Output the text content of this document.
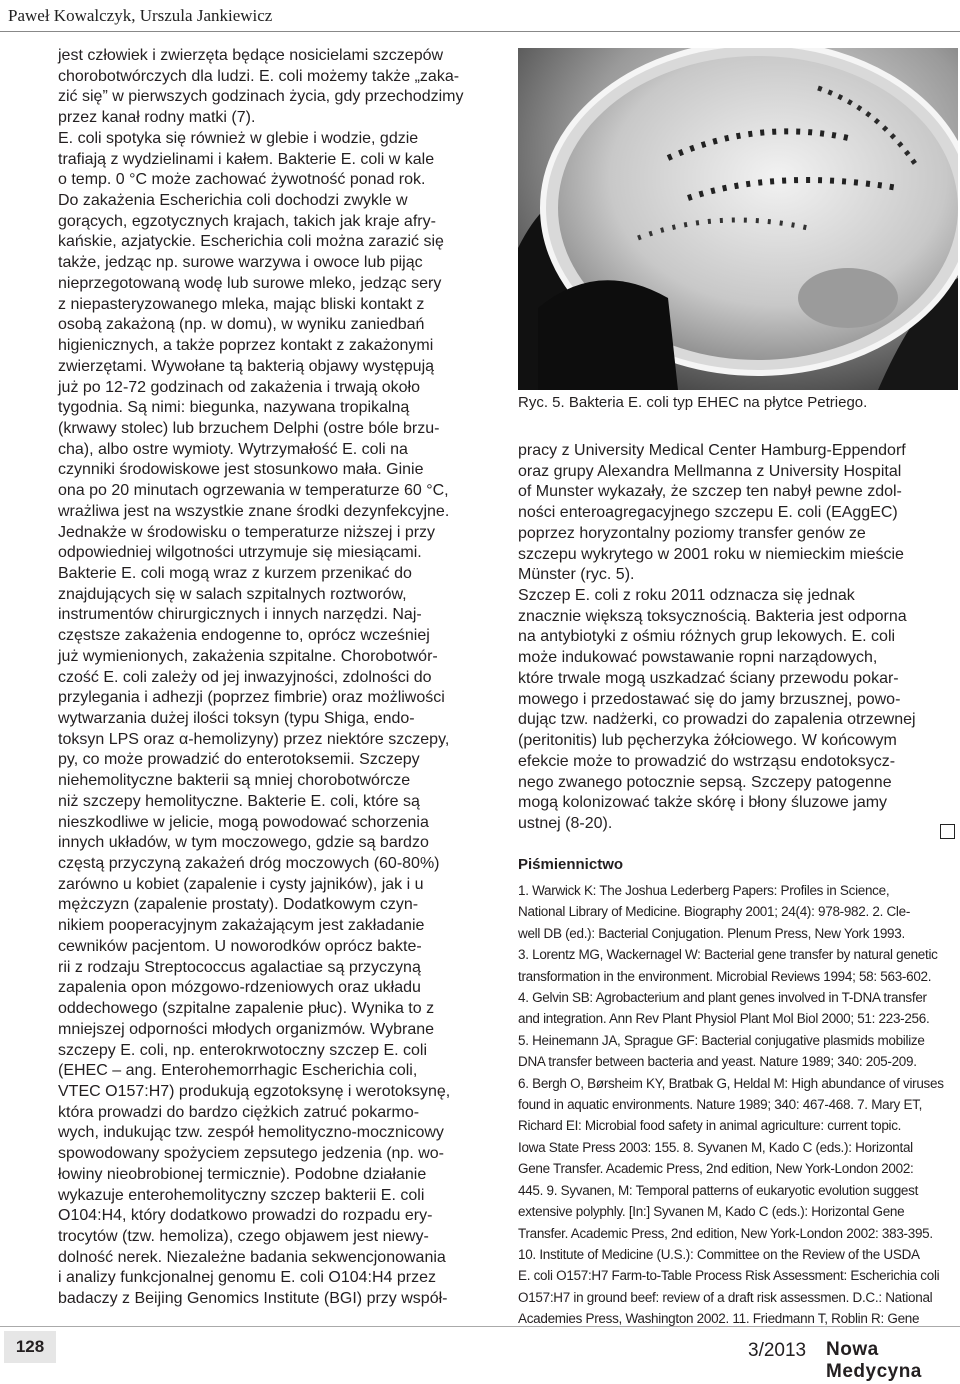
Paweł Kowalczyk, Urszula Jankiewicz

jest człowiek i zwierzęta będące nosicielami szczepów
chorobotwórczych dla ludzi. E. coli możemy także „zaka-
zić się” w pierwszych godzinach życia, gdy przechodzimy
przez kanał rodny matki (7).
E. coli spotyka się również w glebie i wodzie, gdzie
trafiają z wydzielinami i kałem. Bakterie E. coli w kale
o temp. 0 °C może zachować żywotność ponad rok.
Do zakażenia Escherichia coli dochodzi zwykle w
gorących, egzotycznych krajach, takich jak kraje afry-
kańskie, azjatyckie. Escherichia coli można zarazić się
także, jedząc np. surowe warzywa i owoce lub pijąc
nieprzegotowaną wodę lub surowe mleko, jedząc sery
z niepasteryzowanego mleka, mając bliski kontakt z
osobą zakażoną (np. w domu), w wyniku zaniedbań
higienicznych, a także poprzez kontakt z zakażonymi
zwierzętami. Wywołane tą bakterią objawy występują
już po 12-72 godzinach od zakażenia i trwają około
tygodnia. Są nimi: biegunka, nazywana tropikalną
(krwawy stolec) lub brzuchem Delphi (ostre bóle brzu-
cha), albo ostre wymioty. Wytrzymałość E. coli na
czynniki środowiskowe jest stosunkowo mała. Ginie
ona po 20 minutach ogrzewania w temperaturze 60 °C,
wrażliwa jest na wszystkie znane środki dezynfekcyjne.
Jednakże w środowisku o temperaturze niższej i przy
odpowiedniej wilgotności utrzymuje się miesiącami.
Bakterie E. coli mogą wraz z kurzem przenikać do
znajdujących się w salach szpitalnych roztworów,
instrumentów chirurgicznych i innych narzędzi. Naj-
częstsze zakażenia endogenne to, oprócz wcześniej
już wymienionych, zakażenia szpitalne. Chorobotwór-
czość E. coli zależy od jej inwazyjności, zdolności do
przylegania i adhezji (poprzez fimbrie) oraz możliwości
wytwarzania dużej ilości toksyn (typu Shiga, endo-
toksyn LPS oraz α-hemolizyny) przez niektóre szczepy,
py, co może prowadzić do enterotoksemii. Szczepy
niehemolityczne bakterii są mniej chorobotwórcze
niż szczepy hemolityczne. Bakterie E. coli, które są
nieszkodliwe w jelicie, mogą powodować schorzenia
innych układów, w tym moczowego, gdzie są bardzo
częstą przyczyną zakażeń dróg moczowych (60-80%)
zarówno u kobiet (zapalenie i cysty jajników), jak i u
mężczyzn (zapalenie prostaty). Dodatkowym czyn-
nikiem pooperacyjnym zakażającym jest zakładanie
cewników pacjentom. U noworodków oprócz bakte-
rii z rodzaju Streptococcus agalactiae są przyczyną
zapalenia opon mózgowo-rdzeniowych oraz układu
oddechowego (szpitalne zapalenie płuc). Wynika to z
mniejszej odporności młodych organizmów. Wybrane
szczepy E. coli, np. enterokrwotoczny szczep E. coli
(EHEC – ang. Enterohemorrhagic Escherichia coli,
VTEC O157:H7) produkują egzotoksynę i werotoksynę,
która prowadzi do bardzo ciężkich zatruć pokarmo-
wych, indukując tzw. zespół hemolityczno-mocznicowy
spowodowany spożyciem zepsutego jedzenia (np. wo-
łowiny nieobrobionej termicznie). Podobne działanie
wykazuje enterohemolityczny szczep bakterii E. coli
O104:H4, który dodatkowo prowadzi do rozpadu ery-
trocytów (tzw. hemoliza), czego objawem jest niewy-
dolność nerek. Niezależne badania sekwencjonowania
i analizy funkcjonalnej genomu E. coli O104:H4 przez
badaczy z Beijing Genomics Institute (BGI) przy współ-

Ryc. 5. Bakteria E. coli typ EHEC na płytce Petriego.

pracy z University Medical Center Hamburg-Eppendorf
oraz grupy Alexandra Mellmanna z University Hospital
of Munster wykazały, że szczep ten nabył pewne zdol-
ności enteroagregacyjnego szczepu E. coli (EAggEC)
poprzez horyzontalny poziomy transfer genów ze
szczepu wykrytego w 2001 roku w niemieckim mieście
Münster (ryc. 5).
Szczep E. coli z roku 2011 odznacza się jednak
znacznie większą toksycznością. Bakteria jest odporna
na antybiotyki z ośmiu różnych grup lekowych. E. coli
może indukować powstawanie ropni narządowych,
które trwale mogą uszkadzać ściany przewodu pokar-
mowego i przedostawać się do jamy brzusznej, powo-
dując tzw. nadżerki, co prowadzi do zapalenia otrzewnej
(peritonitis) lub pęcherzyka żółciowego. W końcowym
efekcie może to prowadzić do wstrząsu endotoksycz-
nego zwanego potocznie sepsą. Szczepy patogenne
mogą kolonizować także skórę i błony śluzowe jamy
ustnej (8-20).

Piśmiennictwo
1. Warwick K: The Joshua Lederberg Papers: Profiles in Science,
National Library of Medicine. Biography 2001; 24(4): 978-982. 2. Cle-
well DB (ed.): Bacterial Conjugation. Plenum Press, New York 1993.
3. Lorentz MG, Wackernagel W: Bacterial gene transfer by natural genetic
transformation in the environment. Microbial Reviews 1994; 58: 563-602.
4. Gelvin SB: Agrobacterium and plant genes involved in T-DNA transfer
and integration. Ann Rev Plant Physiol Plant Mol Biol 2000; 51: 223-256.
5. Heinemann JA, Sprague GF: Bacterial conjugative plasmids mobilize
DNA transfer between bacteria and yeast. Nature 1989; 340: 205-209.
6. Bergh O, Børsheim KY, Bratbak G, Heldal M: High abundance of viruses
found in aquatic environments. Nature 1989; 340: 467-468. 7. Mary ET,
Richard EI: Microbial food safety in animal agriculture: current topic.
Iowa State Press 2003: 155. 8. Syvanen M, Kado C (eds.): Horizontal
Gene Transfer. Academic Press, 2nd edition, New York-London 2002:
445. 9. Syvanen, M: Temporal patterns of eukaryotic evolution suggest
extensive polyphly. [In:] Syvanen M, Kado C (eds.): Horizontal Gene
Transfer. Academic Press, 2nd edition, New York-London 2002: 383-395.
10. Institute of Medicine (U.S.): Committee on the Review of the USDA
E. coli O157:H7 Farm-to-Table Process Risk Assessment: Escherichia coli
O157:H7 in ground beef: review of a draft risk assessmen. D.C.: National
Academies Press, Washington 2002. 11. Friedmann T, Roblin R: Gene
128	3/2013 Nowa Medycyna
